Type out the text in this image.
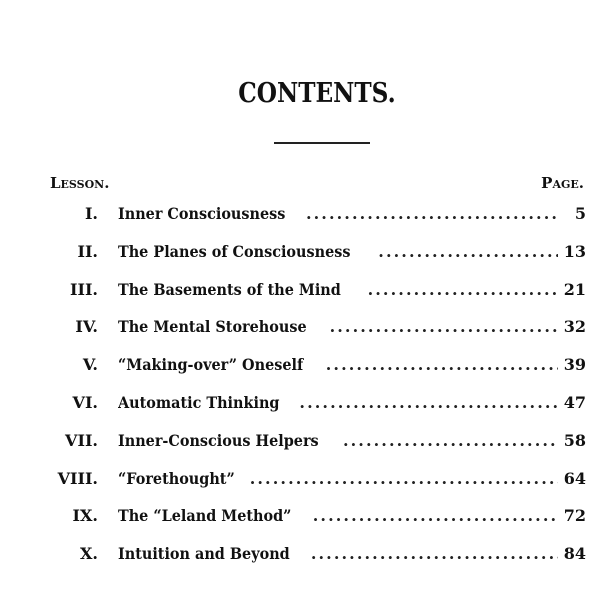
CONTENTS.
Lesson.	Page.
I. Inner Consciousness .....	5
II. The Planes of Consciousness .....	13
III. The Basements of the Mind .....	21
IV. The Mental Storehouse .....	32
V. “Making-over” Oneself .....	39
VI. Automatic Thinking .....	47
VII. Inner-Conscious Helpers .....	58
VIII. “Forethought” .....	64
IX. The “Leland Method” .....	72
X. Intuition and Beyond .....	84
